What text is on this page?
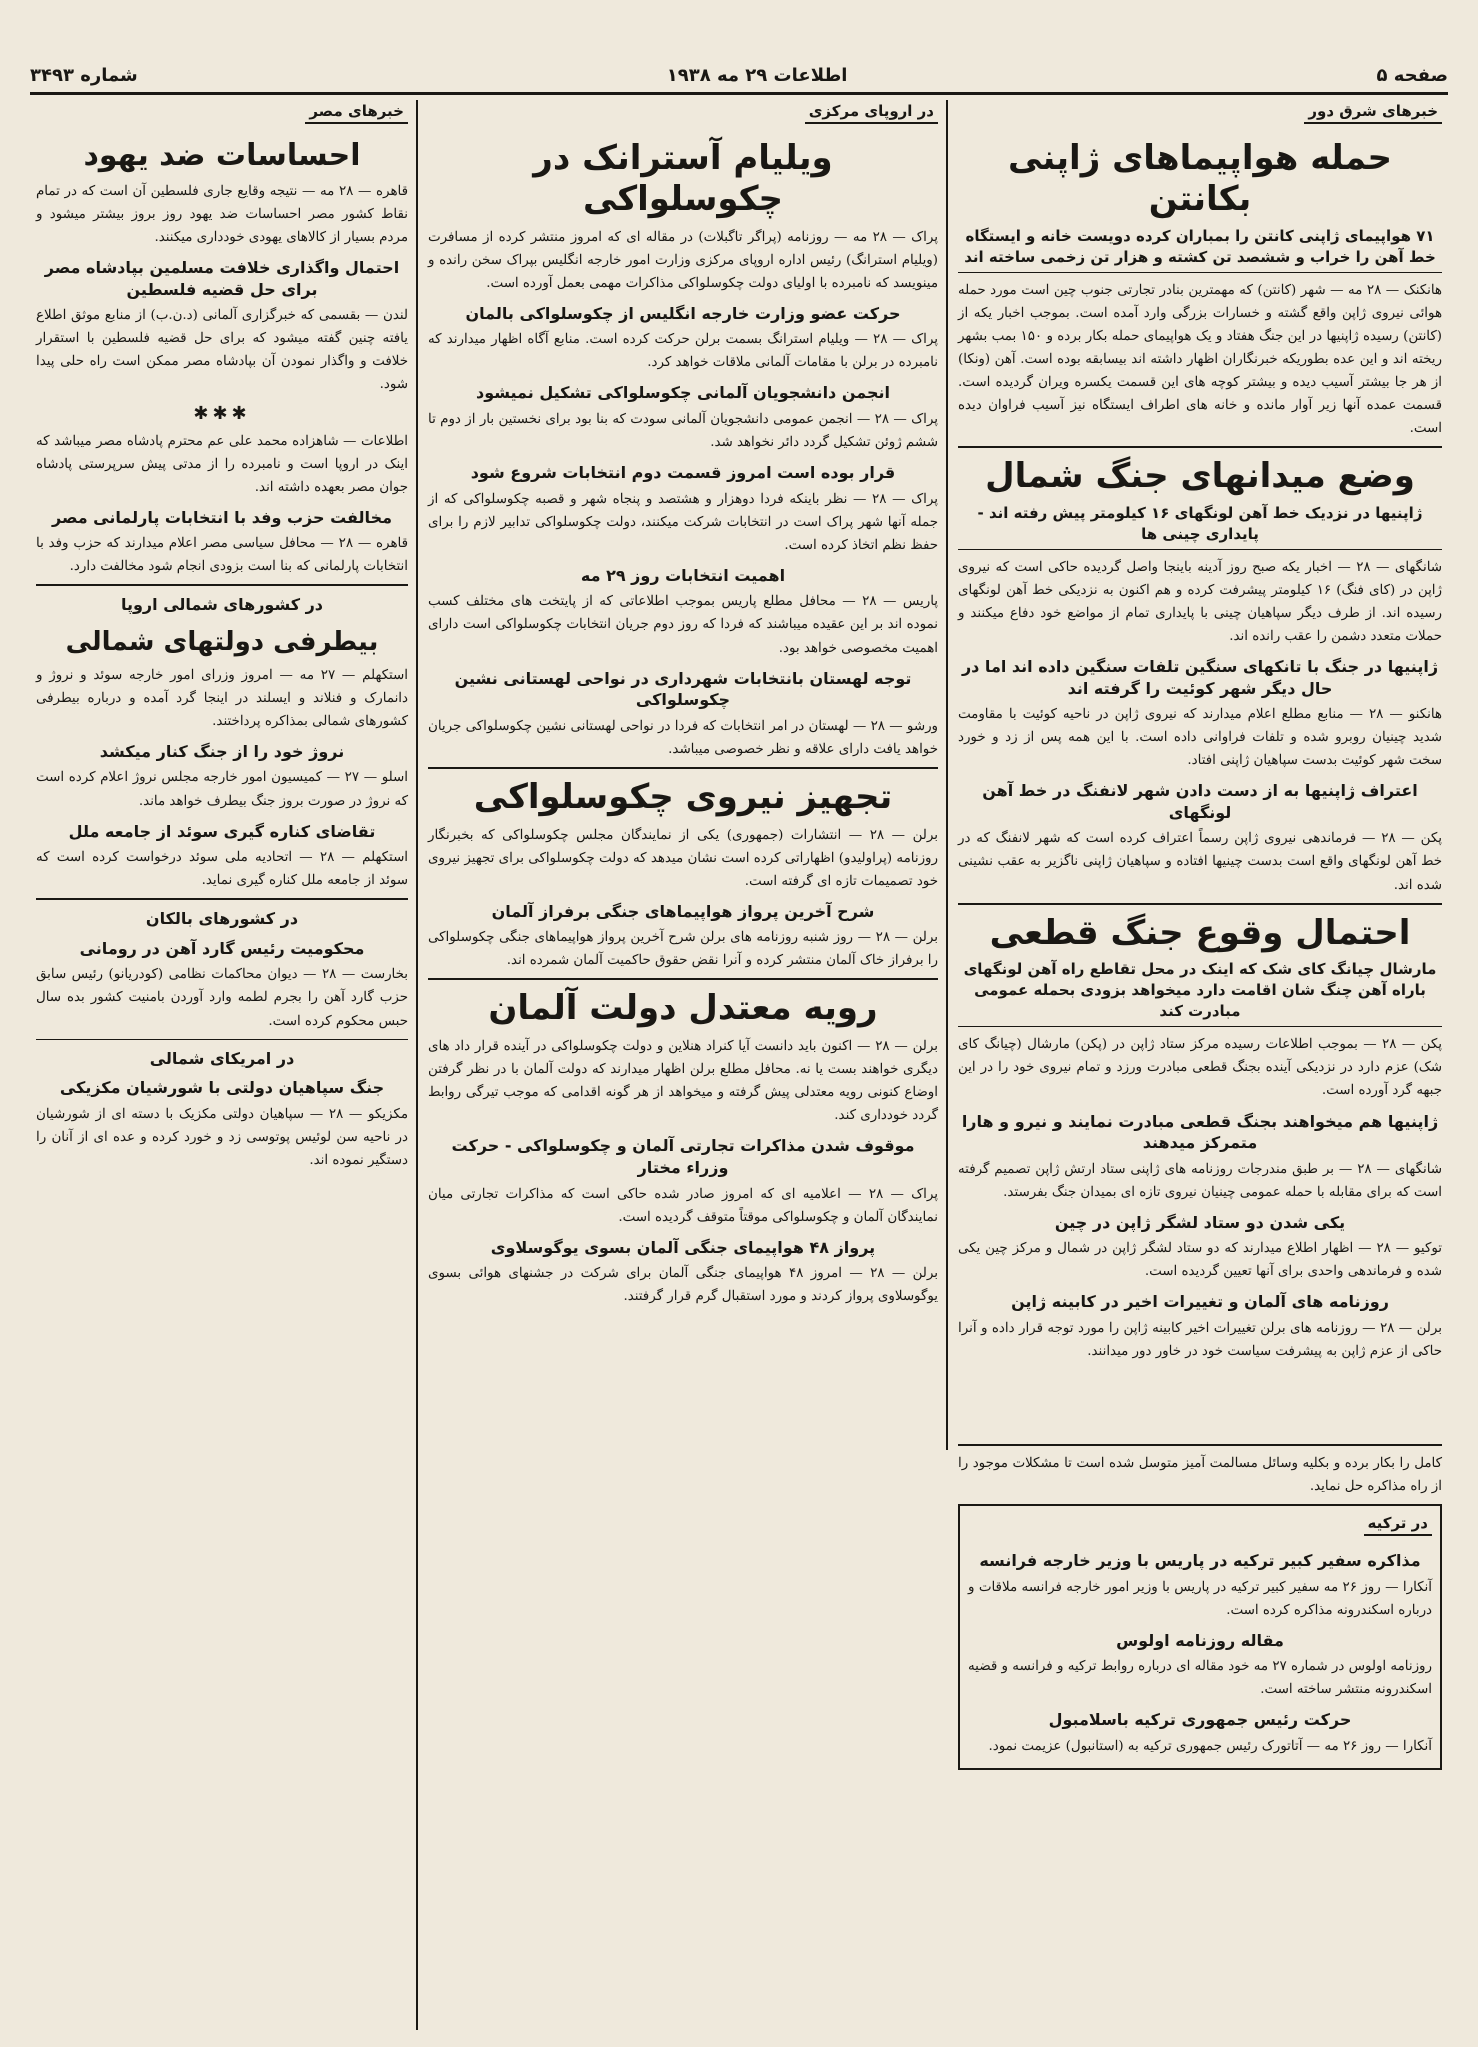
صفحه ۵
اطلاعات ۲۹ مه ۱۹۳۸
شماره ۳۴۹۳
خبرهای شرق دور
حمله هواپیماهای ژاپنی بکانتن
۷۱ هواپیمای ژاپنی کانتن را بمباران کرده دویست خانه و ایستگاه خط آهن را خراب و ششصد تن کشته و هزار تن زخمی ساخته اند

هانکنک — ۲۸ مه — شهر (کانتن) که مهمترین بنادر تجارتی جنوب چین است مورد حمله هوائی نیروی ژاپن واقع گشته و خسارات بزرگی وارد آمده است. بموجب اخبار یکه از (کانتن) رسیده ژاپنیها در این جنگ هفتاد و یک هواپیمای حمله بکار برده و ۱۵۰ بمب بشهر ریخته اند و این عده بطوریکه خبرنگاران اظهار داشته اند بیسابقه بوده است. آهن (ونکا) از هر جا بیشتر آسیب دیده و بیشتر کوچه های این قسمت یکسره ویران گردیده است. قسمت عمده آنها زیر آوار مانده و خانه های اطراف ایستگاه نیز آسیب فراوان دیده است.

وضع میدانهای جنگ شمال
ژاپنیها در نزدیک خط آهن لونگهای ۱۶ کیلومتر پیش رفته اند - پایداری چینی ها

شانگهای — ۲۸ — اخبار یکه صبح روز آدینه باینجا واصل گردیده حاکی است که نیروی ژاپن در (کای فنگ) ۱۶ کیلومتر پیشرفت کرده و هم اکنون به نزدیکی خط آهن لونگهای رسیده اند. از طرف دیگر سپاهیان چینی با پایداری تمام از مواضع خود دفاع میکنند و حملات متعدد دشمن را عقب رانده اند.

ژاپنیها در جنگ با تانکهای سنگین تلفات سنگین داده اند اما در حال دیگر شهر کوئیت را گرفته اند

هانکنو — ۲۸ — منابع مطلع اعلام میدارند که نیروی ژاپن در ناحیه کوئیت با مقاومت شدید چینیان روبرو شده و تلفات فراوانی داده است. با این همه پس از زد و خورد سخت شهر کوئیت بدست سپاهیان ژاپنی افتاد.

اعتراف ژاپنیها به از دست دادن شهر لانفنگ در خط آهن لونگهای

پکن — ۲۸ — فرماندهی نیروی ژاپن رسماً اعتراف کرده است که شهر لانفنگ که در خط آهن لونگهای واقع است بدست چینیها افتاده و سپاهیان ژاپنی ناگزیر به عقب نشینی شده اند.

احتمال وقوع جنگ قطعی
مارشال چیانگ کای شک که اینک در محل تقاطع راه آهن لونگهای باراه آهن چنگ شان اقامت دارد میخواهد بزودی بحمله عمومی مبادرت کند

پکن — ۲۸ — بموجب اطلاعات رسیده مرکز ستاد ژاپن در (پکن) مارشال (چیانگ کای شک) عزم دارد در نزدیکی آینده بجنگ قطعی مبادرت ورزد و تمام نیروی خود را در این جبهه گرد آورده است.

ژاپنیها هم میخواهند بجنگ قطعی مبادرت نمایند و نیرو و هارا متمرکز میدهند

شانگهای — ۲۸ — بر طبق مندرجات روزنامه های ژاپنی ستاد ارتش ژاپن تصمیم گرفته است که برای مقابله با حمله عمومی چینیان نیروی تازه ای بمیدان جنگ بفرستد.

یکی شدن دو ستاد لشگر ژاپن در چین

توکیو — ۲۸ — اظهار اطلاع میدارند که دو ستاد لشگر ژاپن در شمال و مرکز چین یکی شده و فرماندهی واحدی برای آنها تعیین گردیده است.

روزنامه های آلمان و تغییرات اخیر در کابینه ژاپن

برلن — ۲۸ — روزنامه های برلن تغییرات اخیر کابینه ژاپن را مورد توجه قرار داده و آنرا حاکی از عزم ژاپن به پیشرفت سیاست خود در خاور دور میدانند.

در اروپای مرکزی
ویلیام آسترانک در چکوسلواکی

پراک — ۲۸ مه — روزنامه (پراگر تاگبلات) در مقاله ای که امروز منتشر کرده از مسافرت (ویلیام استرانگ) رئیس اداره اروپای مرکزی وزارت امور خارجه انگلیس بپراک سخن رانده و مینویسد که نامبرده با اولیای دولت چکوسلواکی مذاکرات مهمی بعمل آورده است.

حرکت عضو وزارت خارجه انگلیس از چکوسلواکی بالمان

پراک — ۲۸ — ویلیام استرانگ بسمت برلن حرکت کرده است. منابع آگاه اظهار میدارند که نامبرده در برلن با مقامات آلمانی ملاقات خواهد کرد.

انجمن دانشجویان آلمانی چکوسلواکی تشکیل نمیشود

پراک — ۲۸ — انجمن عمومی دانشجویان آلمانی سودت که بنا بود برای نخستین بار از دوم تا ششم ژوئن تشکیل گردد دائر نخواهد شد.

قرار بوده است امروز قسمت دوم انتخابات شروع شود

پراک — ۲۸ — نظر باینکه فردا دوهزار و هشتصد و پنجاه شهر و قصبه چکوسلواکی که از جمله آنها شهر پراک است در انتخابات شرکت میکنند، دولت چکوسلواکی تدابیر لازم را برای حفظ نظم اتخاذ کرده است.

اهمیت انتخابات روز ۲۹ مه

پاریس — ۲۸ — محافل مطلع پاریس بموجب اطلاعاتی که از پایتخت های مختلف کسب نموده اند بر این عقیده میباشند که فردا که روز دوم جریان انتخابات چکوسلواکی است دارای اهمیت مخصوصی خواهد بود.

توجه لهستان بانتخابات شهرداری در نواحی لهستانی نشین چکوسلواکی

ورشو — ۲۸ — لهستان در امر انتخابات که فردا در نواحی لهستانی نشین چکوسلواکی جریان خواهد یافت دارای علاقه و نظر خصوصی میباشد.

تجهیز نیروی چکوسلواکی

برلن — ۲۸ — انتشارات (جمهوری) یکی از نمایندگان مجلس چکوسلواکی که بخبرنگار روزنامه (پراولیدو) اظهاراتی کرده است نشان میدهد که دولت چکوسلواکی برای تجهیز نیروی خود تصمیمات تازه ای گرفته است.

شرح آخرین پرواز هواپیماهای جنگی برفراز آلمان

برلن — ۲۸ — روز شنبه روزنامه های برلن شرح آخرین پرواز هواپیماهای جنگی چکوسلواکی را برفراز خاک آلمان منتشر کرده و آنرا نقض حقوق حاکمیت آلمان شمرده اند.

رویه معتدل دولت آلمان

برلن — ۲۸ — اکنون باید دانست آیا کنراد هنلاین و دولت چکوسلواکی در آینده قرار داد های دیگری خواهند بست یا نه. محافل مطلع برلن اظهار میدارند که دولت آلمان با در نظر گرفتن اوضاع کنونی رویه معتدلی پیش گرفته و میخواهد از هر گونه اقدامی که موجب تیرگی روابط گردد خودداری کند.

موقوف شدن مذاکرات تجارتی آلمان و چکوسلواکی - حرکت وزراء مختار

پراک — ۲۸ — اعلامیه ای که امروز صادر شده حاکی است که مذاکرات تجارتی میان نمایندگان آلمان و چکوسلواکی موقتاً متوقف گردیده است.

پرواز ۴۸ هواپیمای جنگی آلمان بسوی یوگوسلاوی

برلن — ۲۸ — امروز ۴۸ هواپیمای جنگی آلمان برای شرکت در جشنهای هوائی بسوی یوگوسلاوی پرواز کردند و مورد استقبال گرم قرار گرفتند.

خبرهای مصر
احساسات ضد یهود

قاهره — ۲۸ مه — نتیجه وقایع جاری فلسطین آن است که در تمام نقاط کشور مصر احساسات ضد یهود روز بروز بیشتر میشود و مردم بسیار از کالاهای یهودی خودداری میکنند.

احتمال واگذاری خلافت مسلمین بپادشاه مصر برای حل قضیه فلسطین

لندن — بقسمی که خبرگزاری آلمانی (د.ن.ب) از منابع موثق اطلاع یافته چنین گفته میشود که برای حل قضیه فلسطین با استقرار خلافت و واگذار نمودن آن بپادشاه مصر ممکن است راه حلی پیدا شود.

✱✱✱

اطلاعات — شاهزاده محمد علی عم محترم پادشاه مصر میباشد که اینک در اروپا است و نامبرده را از مدتی پیش سرپرستی پادشاه جوان مصر بعهده داشته اند.

مخالفت حزب وفد با انتخابات پارلمانی مصر

قاهره — ۲۸ — محافل سیاسی مصر اعلام میدارند که حزب وفد با انتخابات پارلمانی که بنا است بزودی انجام شود مخالفت دارد.

در کشورهای شمالی اروپا
بیطرفی دولتهای شمالی

استکهلم — ۲۷ مه — امروز وزرای امور خارجه سوئد و نروژ و دانمارک و فنلاند و ایسلند در اینجا گرد آمده و درباره بیطرفی کشورهای شمالی بمذاکره پرداختند.

نروژ خود را از جنگ کنار میکشد

اسلو — ۲۷ — کمیسیون امور خارجه مجلس نروژ اعلام کرده است که نروژ در صورت بروز جنگ بیطرف خواهد ماند.

تقاضای کناره گیری سوئد از جامعه ملل

استکهلم — ۲۸ — اتحادیه ملی سوئد درخواست کرده است که سوئد از جامعه ملل کناره گیری نماید.

در کشورهای بالکان
محکومیت رئیس گارد آهن در رومانی

بخارست — ۲۸ — دیوان محاکمات نظامی (کودریانو) رئیس سابق حزب گارد آهن را بجرم لطمه وارد آوردن بامنیت کشور بده سال حبس محکوم کرده است.

در امریکای شمالی
جنگ سپاهیان دولتی با شورشیان مکزیکی

مکزیکو — ۲۸ — سپاهیان دولتی مکزیک با دسته ای از شورشیان در ناحیه سن لوئیس پوتوسی زد و خورد کرده و عده ای از آنان را دستگیر نموده اند.

کامل را بکار برده و بکلیه وسائل مسالمت آمیز متوسل شده است تا مشکلات موجود را از راه مذاکره حل نماید.

در ترکیه
مذاکره سفیر کبیر ترکیه در پاریس با وزیر خارجه فرانسه

آنکارا — روز ۲۶ مه سفیر کبیر ترکیه در پاریس با وزیر امور خارجه فرانسه ملاقات و درباره اسکندرونه مذاکره کرده است.

مقاله روزنامه اولوس

روزنامه اولوس در شماره ۲۷ مه خود مقاله ای درباره روابط ترکیه و فرانسه و قضیه اسکندرونه منتشر ساخته است.

حرکت رئیس جمهوری ترکیه باسلامبول

آنکارا — روز ۲۶ مه — آتاتورک رئیس جمهوری ترکیه به (استانبول) عزیمت نمود.
